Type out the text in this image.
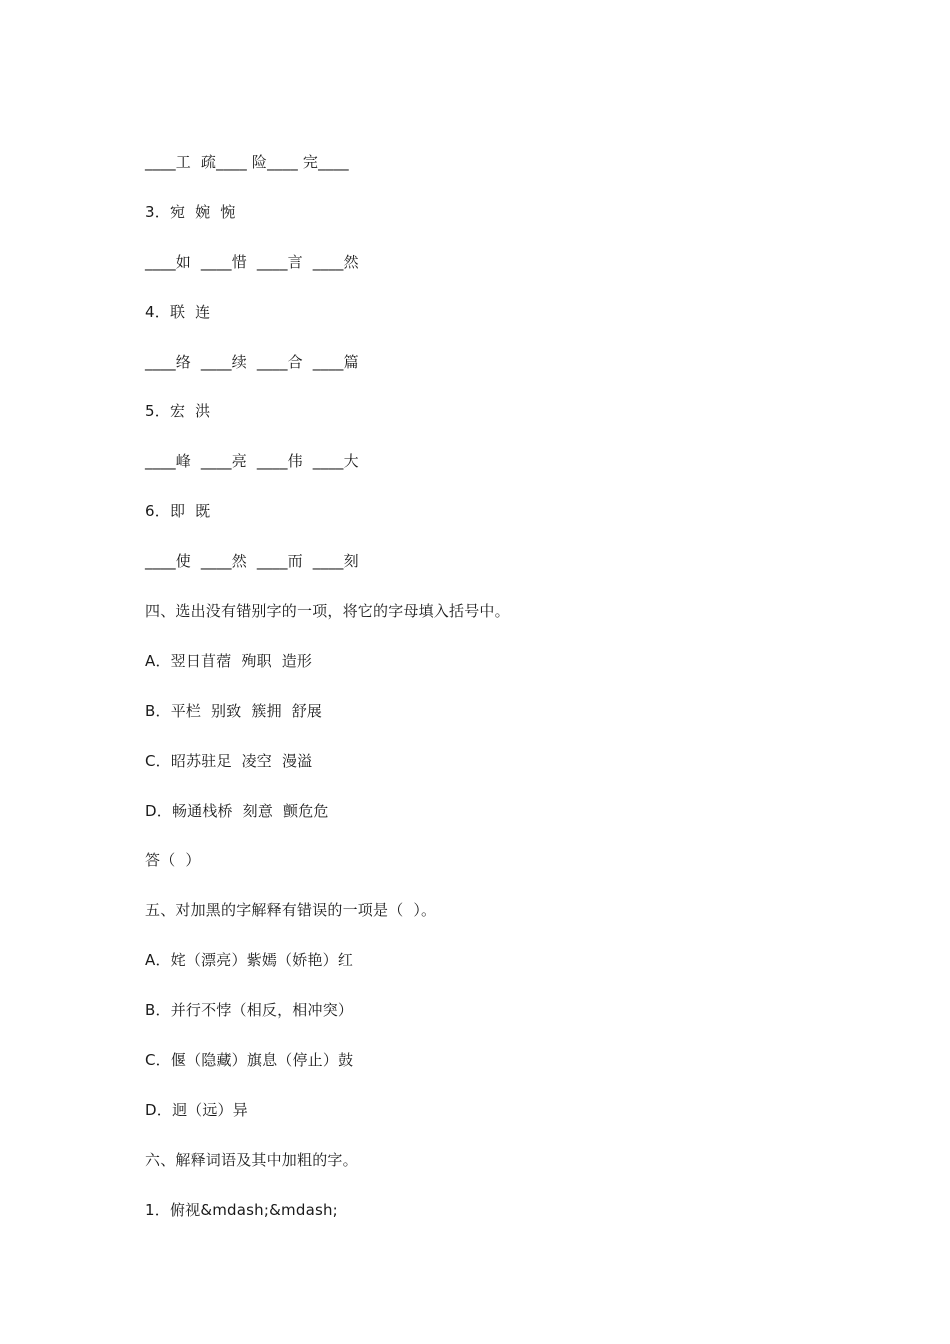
____工  疏____ 险____ 完____
3．宛  婉  惋
____如  ____惜  ____言  ____然
4．联  连
____络  ____续  ____合  ____篇
5．宏  洪
____峰  ____亮  ____伟  ____大
6．即  既
____使  ____然  ____而  ____刻
四、选出没有错别字的一项，将它的字母填入括号中。
A．翌日苜蓿  殉职  造形
B．平栏  别致  簇拥  舒展
C．昭苏驻足  凌空  漫溢
D．畅通栈桥  刻意  颤危危
答（  ）
五、对加黑的字解释有错误的一项是（  ）。
A．姹（漂亮）紫嫣（娇艳）红
B．并行不悖（相反，相冲突）
C．偃（隐藏）旗息（停止）鼓
D．迥（远）异
六、解释词语及其中加粗的字。
1．俯视&mdash;&mdash;
